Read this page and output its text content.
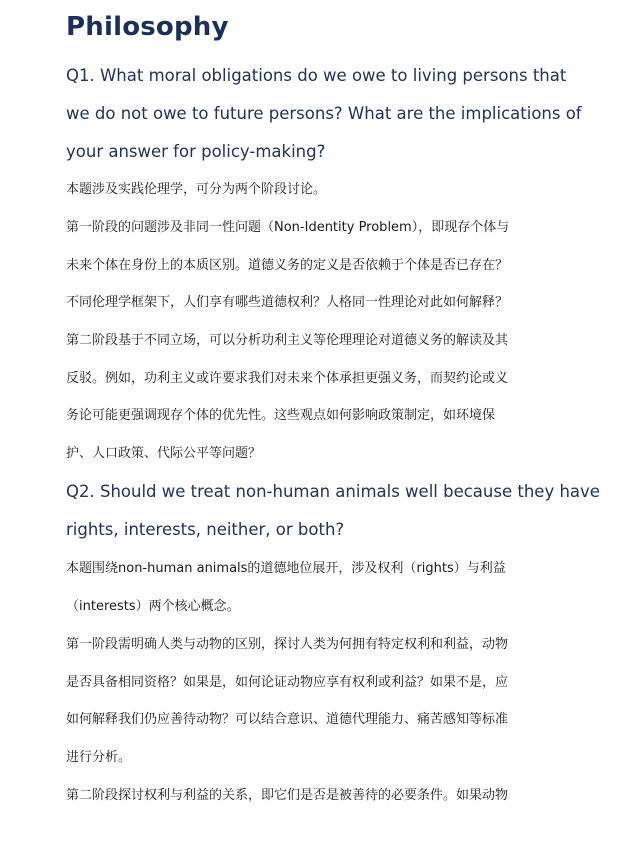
Philosophy
Q1. What moral obligations do we owe to living persons that
we do not owe to future persons? What are the implications of
your answer for policy-making?
本题涉及实践伦理学，可分为两个阶段讨论。
第一阶段的问题涉及非同一性问题（Non-Identity Problem），即现存个体与
未来个体在身份上的本质区别。道德义务的定义是否依赖于个体是否已存在？
不同伦理学框架下，人们享有哪些道德权利？人格同一性理论对此如何解释？
第二阶段基于不同立场，可以分析功利主义等伦理理论对道德义务的解读及其
反驳。例如，功利主义或许要求我们对未来个体承担更强义务，而契约论或义
务论可能更强调现存个体的优先性。这些观点如何影响政策制定，如环境保
护、人口政策、代际公平等问题？
Q2. Should we treat non-human animals well because they have
rights, interests, neither, or both?
本题围绕non-human animals的道德地位展开，涉及权利（rights）与利益
（interests）两个核心概念。
第一阶段需明确人类与动物的区别，探讨人类为何拥有特定权利和利益，动物
是否具备相同资格？如果是，如何论证动物应享有权利或利益？如果不是，应
如何解释我们仍应善待动物？可以结合意识、道德代理能力、痛苦感知等标准
进行分析。
第二阶段探讨权利与利益的关系，即它们是否是被善待的必要条件。如果动物
